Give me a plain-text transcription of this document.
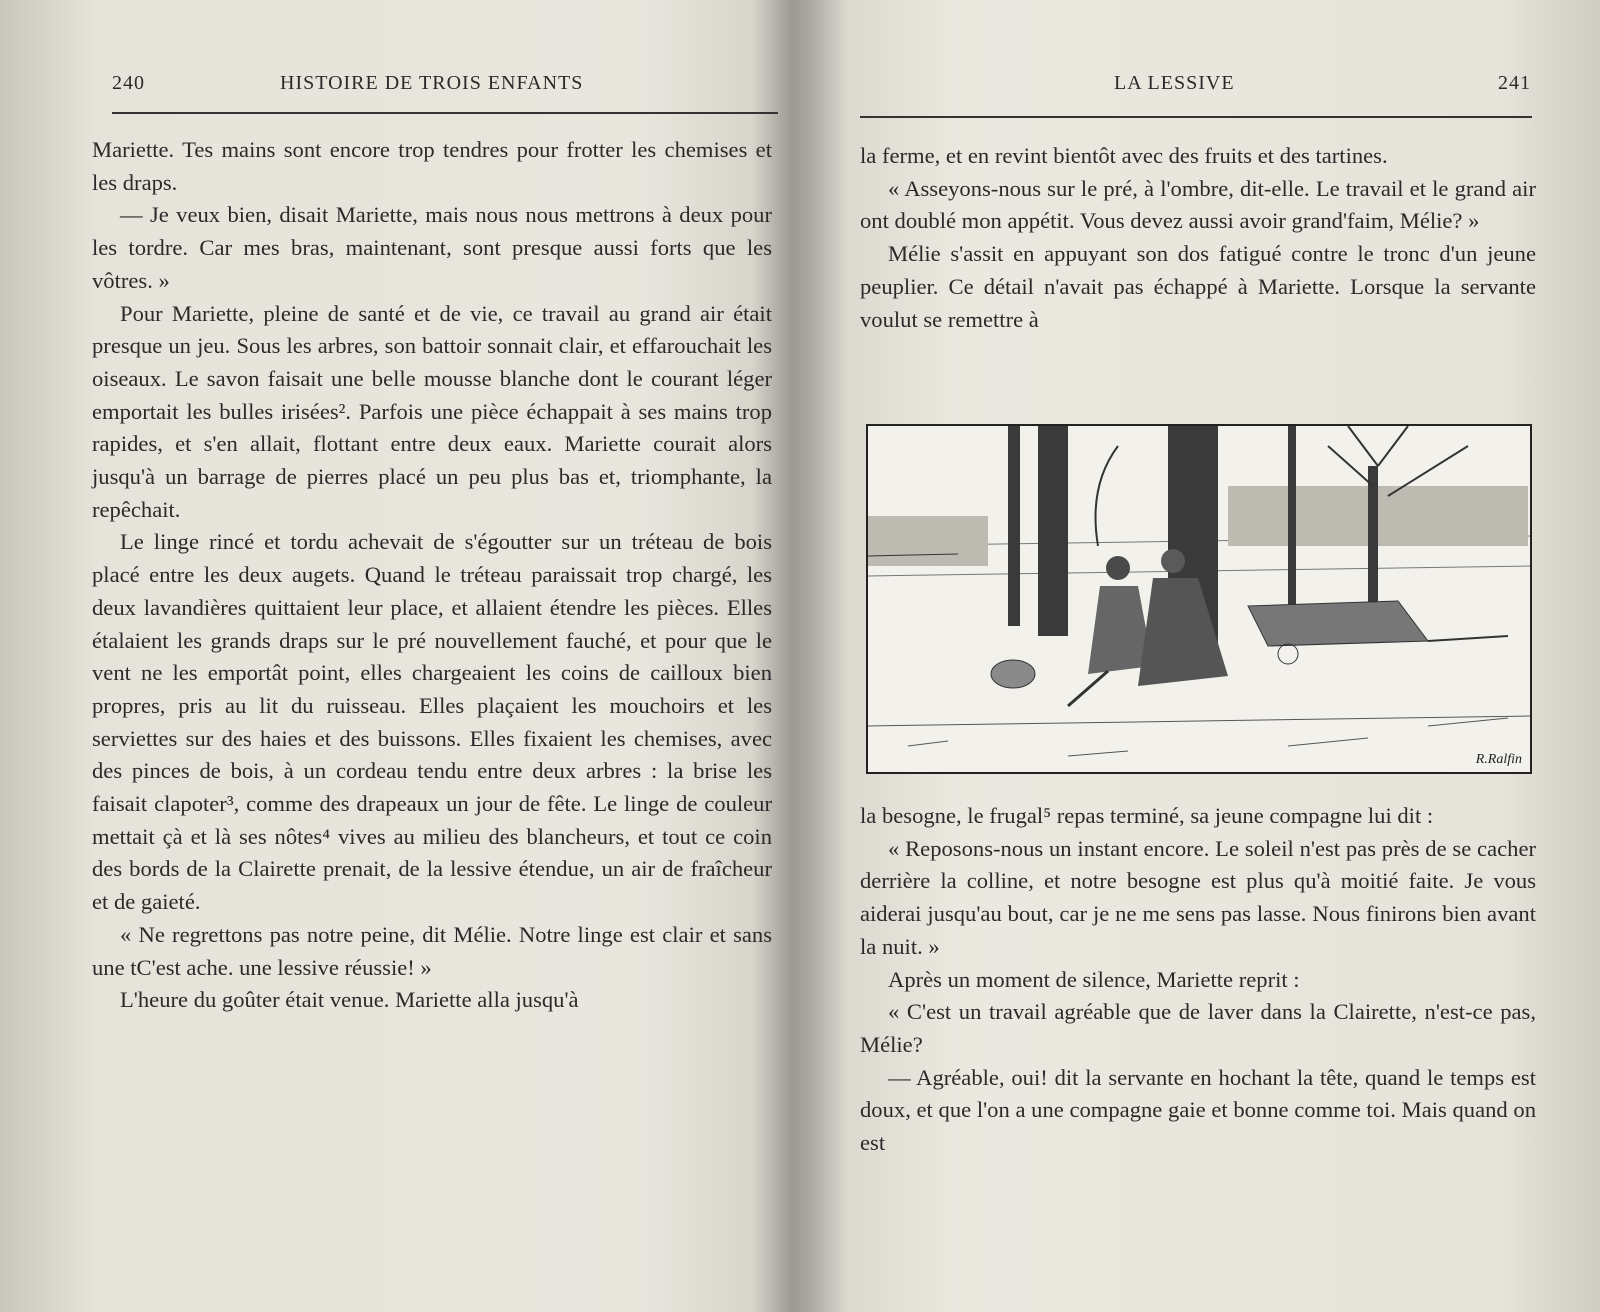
240	HISTOIRE DE TROIS ENFANTS

Mariette. Tes mains sont encore trop tendres pour frotter les chemises et les draps.

— Je veux bien, disait Mariette, mais nous nous mettrons à deux pour les tordre. Car mes bras, maintenant, sont presque aussi forts que les vôtres. »

Pour Mariette, pleine de santé et de vie, ce travail au grand air était presque un jeu. Sous les arbres, son battoir sonnait clair, et effarouchait les oiseaux. Le savon faisait une belle mousse blanche dont le courant léger emportait les bulles irisées². Parfois une pièce échappait à ses mains trop rapides, et s'en allait, flottant entre deux eaux. Mariette courait alors jusqu'à un barrage de pierres placé un peu plus bas et, triomphante, la repêchait.

Le linge rincé et tordu achevait de s'égoutter sur un tréteau de bois placé entre les deux augets. Quand le tréteau paraissait trop chargé, les deux lavandières quittaient leur place, et allaient étendre les pièces. Elles étalaient les grands draps sur le pré nouvellement fauché, et pour que le vent ne les emportât point, elles chargeaient les coins de cailloux bien propres, pris au lit du ruisseau. Elles plaçaient les mouchoirs et les serviettes sur des haies et des buissons. Elles fixaient les chemises, avec des pinces de bois, à un cordeau tendu entre deux arbres : la brise les faisait clapoter³, comme des drapeaux un jour de fête. Le linge de couleur mettait çà et là ses nôtes⁴ vives au milieu des blancheurs, et tout ce coin des bords de la Clairette prenait, de la lessive étendue, un air de fraîcheur et de gaieté.

« Ne regrettons pas notre peine, dit Mélie. Notre linge est clair et sans une tC'est ache. une lessive réussie! »

L'heure du goûter était venue. Mariette alla jusqu'à

LA LESSIVE	241

la ferme, et en revint bientôt avec des fruits et des tartines.

« Asseyons-nous sur le pré, à l'ombre, dit-elle. Le travail et le grand air ont doublé mon appétit. Vous devez aussi avoir grand'faim, Mélie? »

Mélie s'assit en appuyant son dos fatigué contre le tronc d'un jeune peuplier. Ce détail n'avait pas échappé à Mariette. Lorsque la servante voulut se remettre à

la besogne, le frugal⁵ repas terminé, sa jeune compagne lui dit :

« Reposons-nous un instant encore. Le soleil n'est pas près de se cacher derrière la colline, et notre besogne est plus qu'à moitié faite. Je vous aiderai jusqu'au bout, car je ne me sens pas lasse. Nous finirons bien avant la nuit. »

Après un moment de silence, Mariette reprit :

« C'est un travail agréable que de laver dans la Clairette, n'est-ce pas, Mélie?

— Agréable, oui! dit la servante en hochant la tête, quand le temps est doux, et que l'on a une compagne gaie et bonne comme toi. Mais quand on est

R.Ralfin
